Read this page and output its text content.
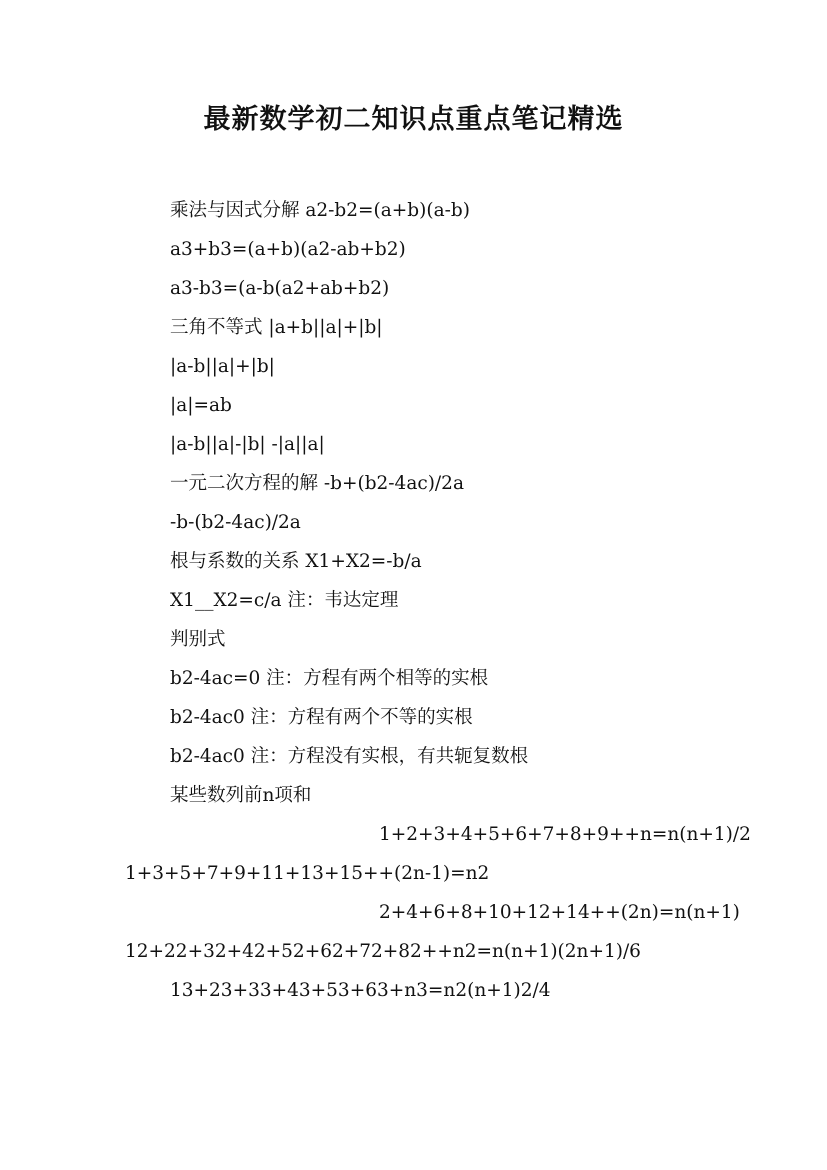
最新数学初二知识点重点笔记精选
乘法与因式分解 a2-b2=(a+b)(a-b)
a3+b3=(a+b)(a2-ab+b2)
a3-b3=(a-b(a2+ab+b2)
三角不等式 |a+b||a|+|b|
|a-b||a|+|b|
|a|=ab
|a-b||a|-|b| -|a||a|
一元二次方程的解 -b+(b2-4ac)/2a
-b-(b2-4ac)/2a
根与系数的关系 X1+X2=-b/a
X1__X2=c/a 注：韦达定理
判别式
b2-4ac=0 注：方程有两个相等的实根
b2-4ac0 注：方程有两个不等的实根
b2-4ac0 注：方程没有实根，有共轭复数根
某些数列前n项和
1+2+3+4+5+6+7+8+9++n=n(n+1)/2
1+3+5+7+9+11+13+15++(2n-1)=n2
2+4+6+8+10+12+14++(2n)=n(n+1)
12+22+32+42+52+62+72+82++n2=n(n+1)(2n+1)/6
13+23+33+43+53+63+n3=n2(n+1)2/4
